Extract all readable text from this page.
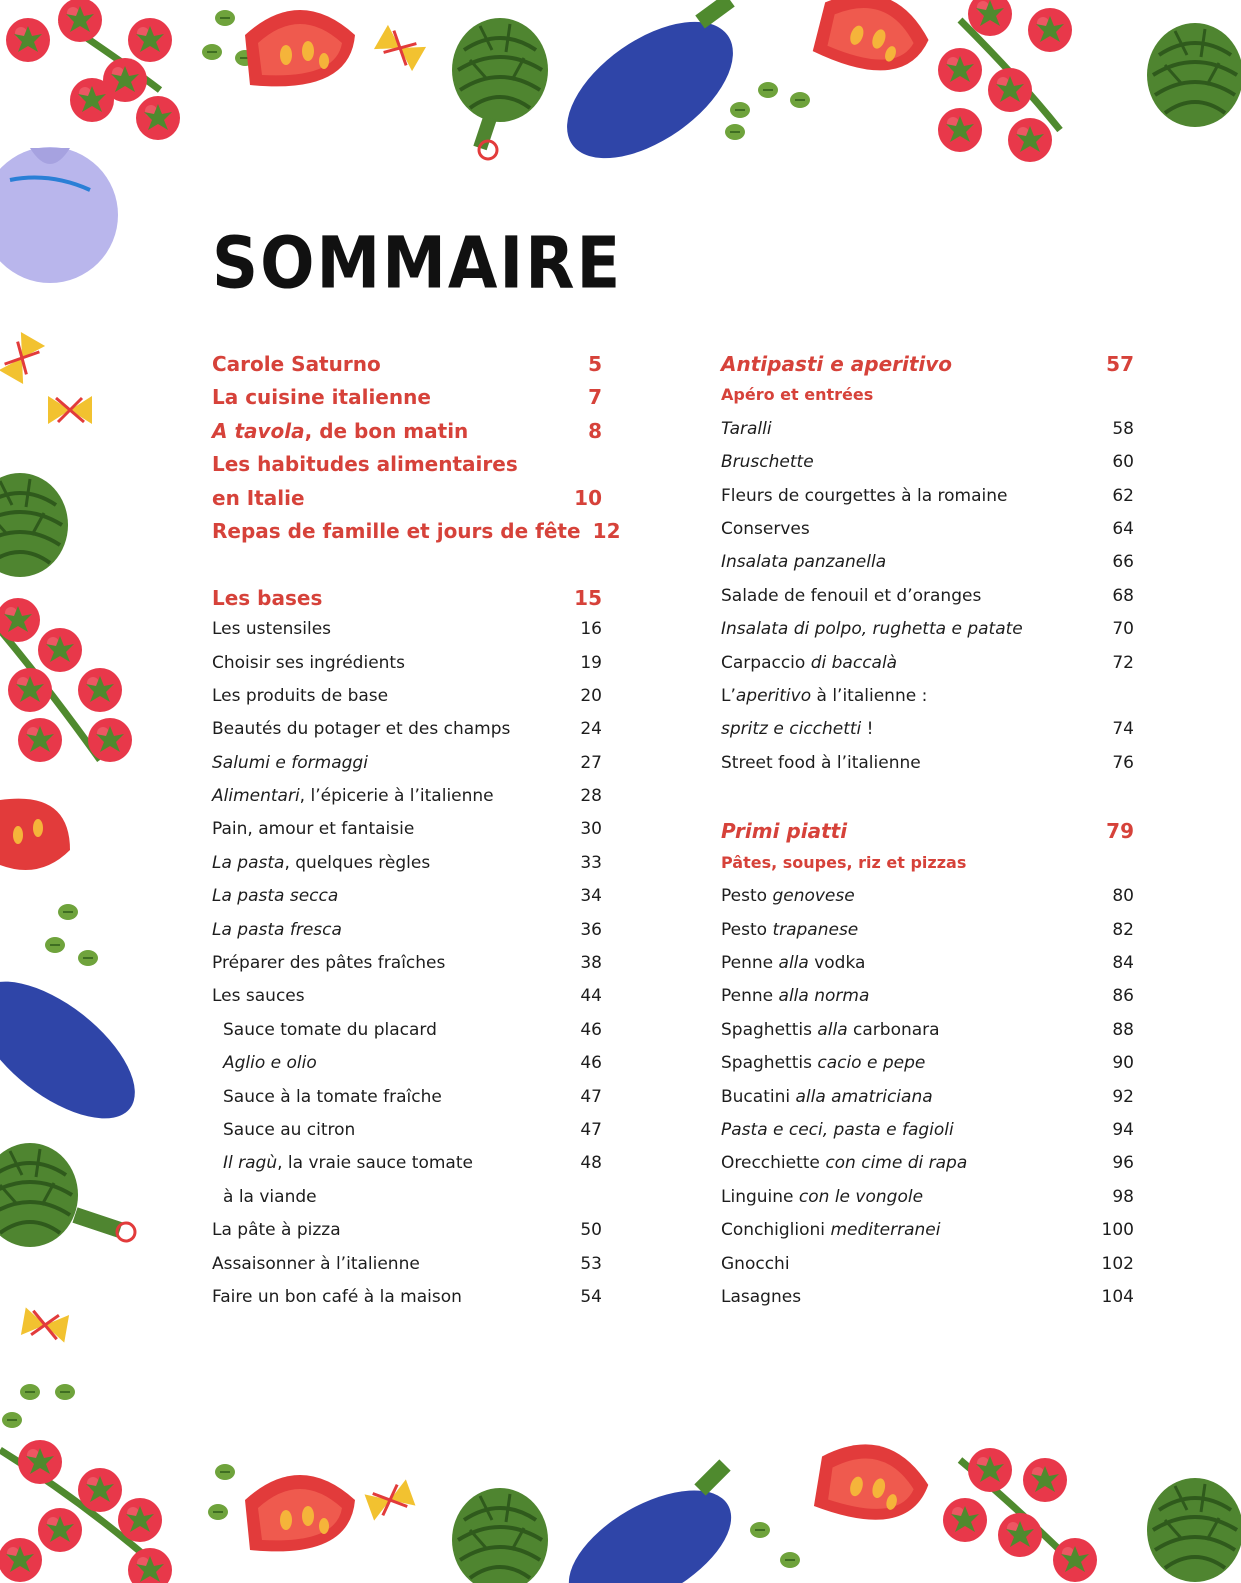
SOMMAIRE
Carole Saturno	5
La cuisine italienne	7
A tavola, de bon matin	8
Les habitudes alimentaires
en Italie	10
Repas de famille et jours de fête 12
Les bases	15
Les ustensiles	16
Choisir ses ingrédients	19
Les produits de base	20
Beautés du potager et des champs	24
Salumi e formaggi	27
Alimentari, l’épicerie à l’italienne	28
Pain, amour et fantaisie	30
La pasta, quelques règles	33
La pasta secca	34
La pasta fresca	36
Préparer des pâtes fraîches	38
Les sauces	44
Sauce tomate du placard	46
Aglio e olio	46
Sauce à la tomate fraîche	47
Sauce au citron	47
Il ragù, la vraie sauce tomate	48
à la viande
La pâte à pizza	50
Assaisonner à l’italienne	53
Faire un bon café à la maison	54
Antipasti e aperitivo	57
Apéro et entrées
Taralli	58
Bruschette	60
Fleurs de courgettes à la romaine	62
Conserves	64
Insalata panzanella	66
Salade de fenouil et d’oranges	68
Insalata di polpo, rughetta e patate	70
Carpaccio di baccalà	72
L’aperitivo à l’italienne :
spritz e cicchetti !	74
Street food à l’italienne	76
Primi piatti	79
Pâtes, soupes, riz et pizzas
Pesto genovese	80
Pesto trapanese	82
Penne alla vodka	84
Penne alla norma	86
Spaghettis alla carbonara	88
Spaghettis cacio e pepe	90
Bucatini alla amatriciana	92
Pasta e ceci, pasta e fagioli	94
Orecchiette con cime di rapa	96
Linguine con le vongole	98
Conchiglioni mediterranei	100
Gnocchi	102
Lasagnes	104
